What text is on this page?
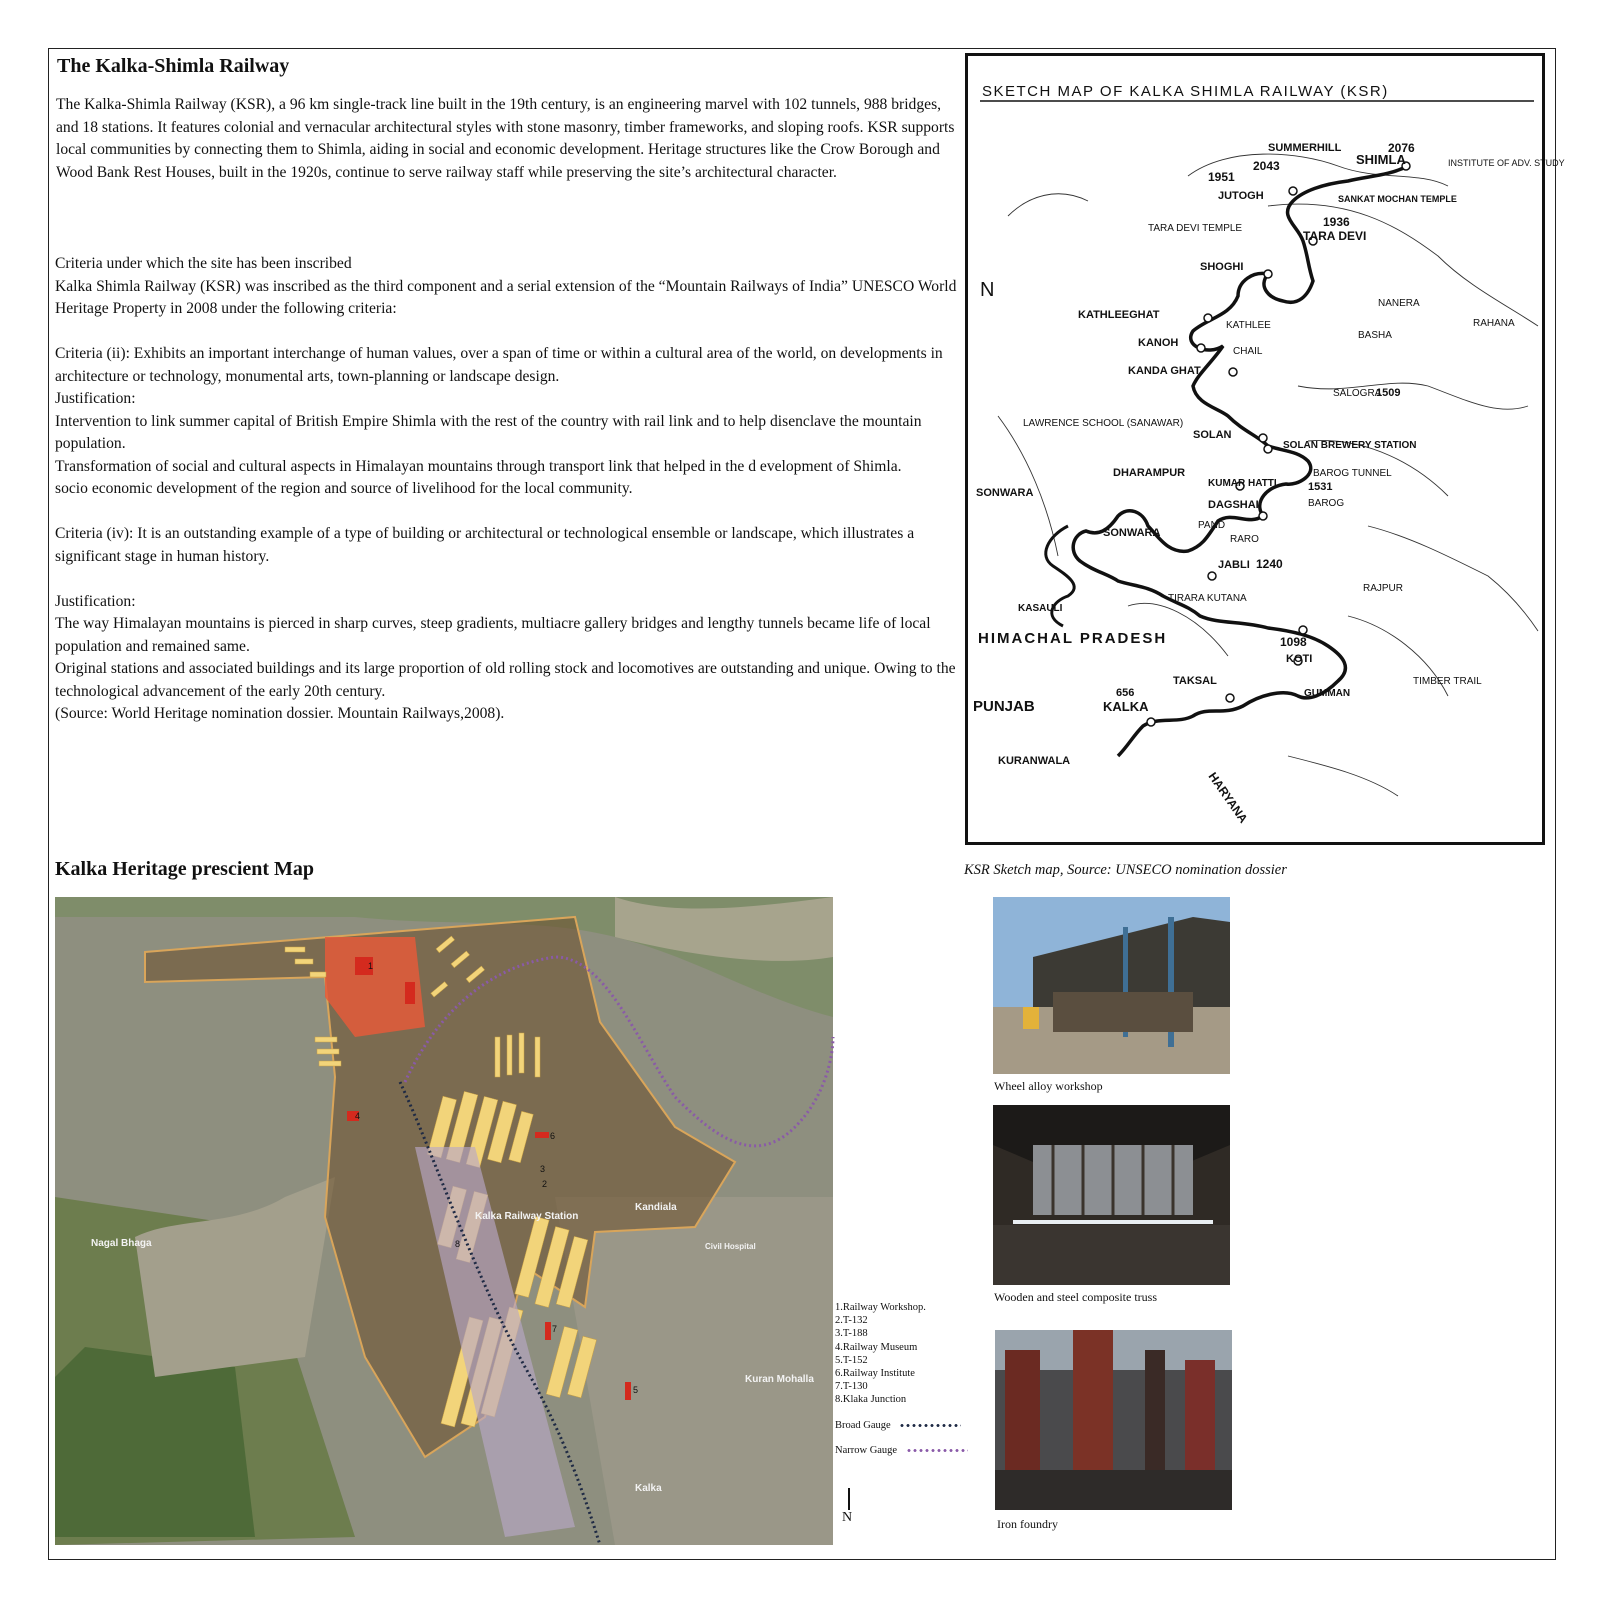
The Kalka-Shimla Railway

The Kalka-Shimla Railway (KSR), a 96 km single-track line built in the 19th century, is an engineering marvel with 102 tunnels, 988 bridges, and 18 stations. It features colonial and vernacular architectural styles with stone masonry, timber frameworks, and sloping roofs. KSR supports local communities by connecting them to Shimla, aiding in social and economic development. Heritage structures like the Crow Borough and Wood Bank Rest Houses, built in the 1920s, continue to serve railway staff while preserving the site’s architectural character.

Criteria under which the site has been inscribed

Kalka Shimla Railway (KSR) was inscribed as the third component and a serial extension of the “Mountain Railways of India” UNESCO World Heritage Property in 2008 under the following criteria:

Criteria (ii): Exhibits an important interchange of human values, over a span of time or within a cultural area of the world, on developments in architecture or technology, monumental arts, town-planning or landscape design.

Justification:

Intervention to link summer capital of British Empire Shimla with the rest of the country with rail link and to help disenclave the mountain population.

Transformation of social and cultural aspects in Himalayan mountains through transport link that helped in the d evelopment of Shimla.

socio economic development of the region and source of livelihood for the local community.

Criteria (iv): It is an outstanding example of a type of building or architectural or technological ensemble or landscape, which illustrates a significant stage in human history.

Justification:

The way Himalayan mountains is pierced in sharp curves, steep gradients, multiacre gallery bridges and lengthy tunnels became life of local population and remained same.

Original stations and associated buildings and its large proportion of old rolling stock and locomotives are outstanding and unique. Owing to the technological advancement of the early 20th century.

(Source: World Heritage nomination dossier. Mountain Railways,2008).

SKETCH MAP OF KALKA SHIMLA RAILWAY (KSR)
SUMMERHILL	2076
SHIMLA	INSTITUTE OF ADV. STUDY
2043
1951
JUTOGH	SANKAT MOCHAN TEMPLE
1936
TARA DEVI
TARA DEVI TEMPLE
SHOGHI
N
KATHLEEGHAT
KATHLEE
KANOH
CHAIL
BASHA
NANERA
RAHANA
KANDA GHAT
SALOGRA
1509
LAWRENCE SCHOOL (SANAWAR)
SOLAN
SOLAN BREWERY STATION
BAROG TUNNEL
1531
DHARAMPUR
KUMAR HATTI
BAROG
SONWARA
DAGSHAI
PAND
SONWARA
RARO
JABLI 1240
RAJPUR
TIRARA KUTANA
KASAULI
HIMACHAL PRADESH	1098
KOTI
TAKSAL
GUMMAN
TIMBER TRAIL
656
PUNJAB	KALKA
KURANWALA
HARYANA
KSR Sketch map, Source: UNSECO nomination dossier
Kalka Heritage prescient Map
1
2
3
4
5
6
7
8
Kalka Railway Station
Kandiala
Nagal Bhaga
Kuran Mohalla
Kalka
Civil Hospital
1.Railway Workshop.
2.T-132
3.T-188
4.Railway Museum
5.T-152
6.Railway Institute
7.T-130
8.Klaka Junction
Broad Gauge
Narrow Gauge
N
Wheel alloy workshop
Wooden and steel composite truss
Iron foundry
